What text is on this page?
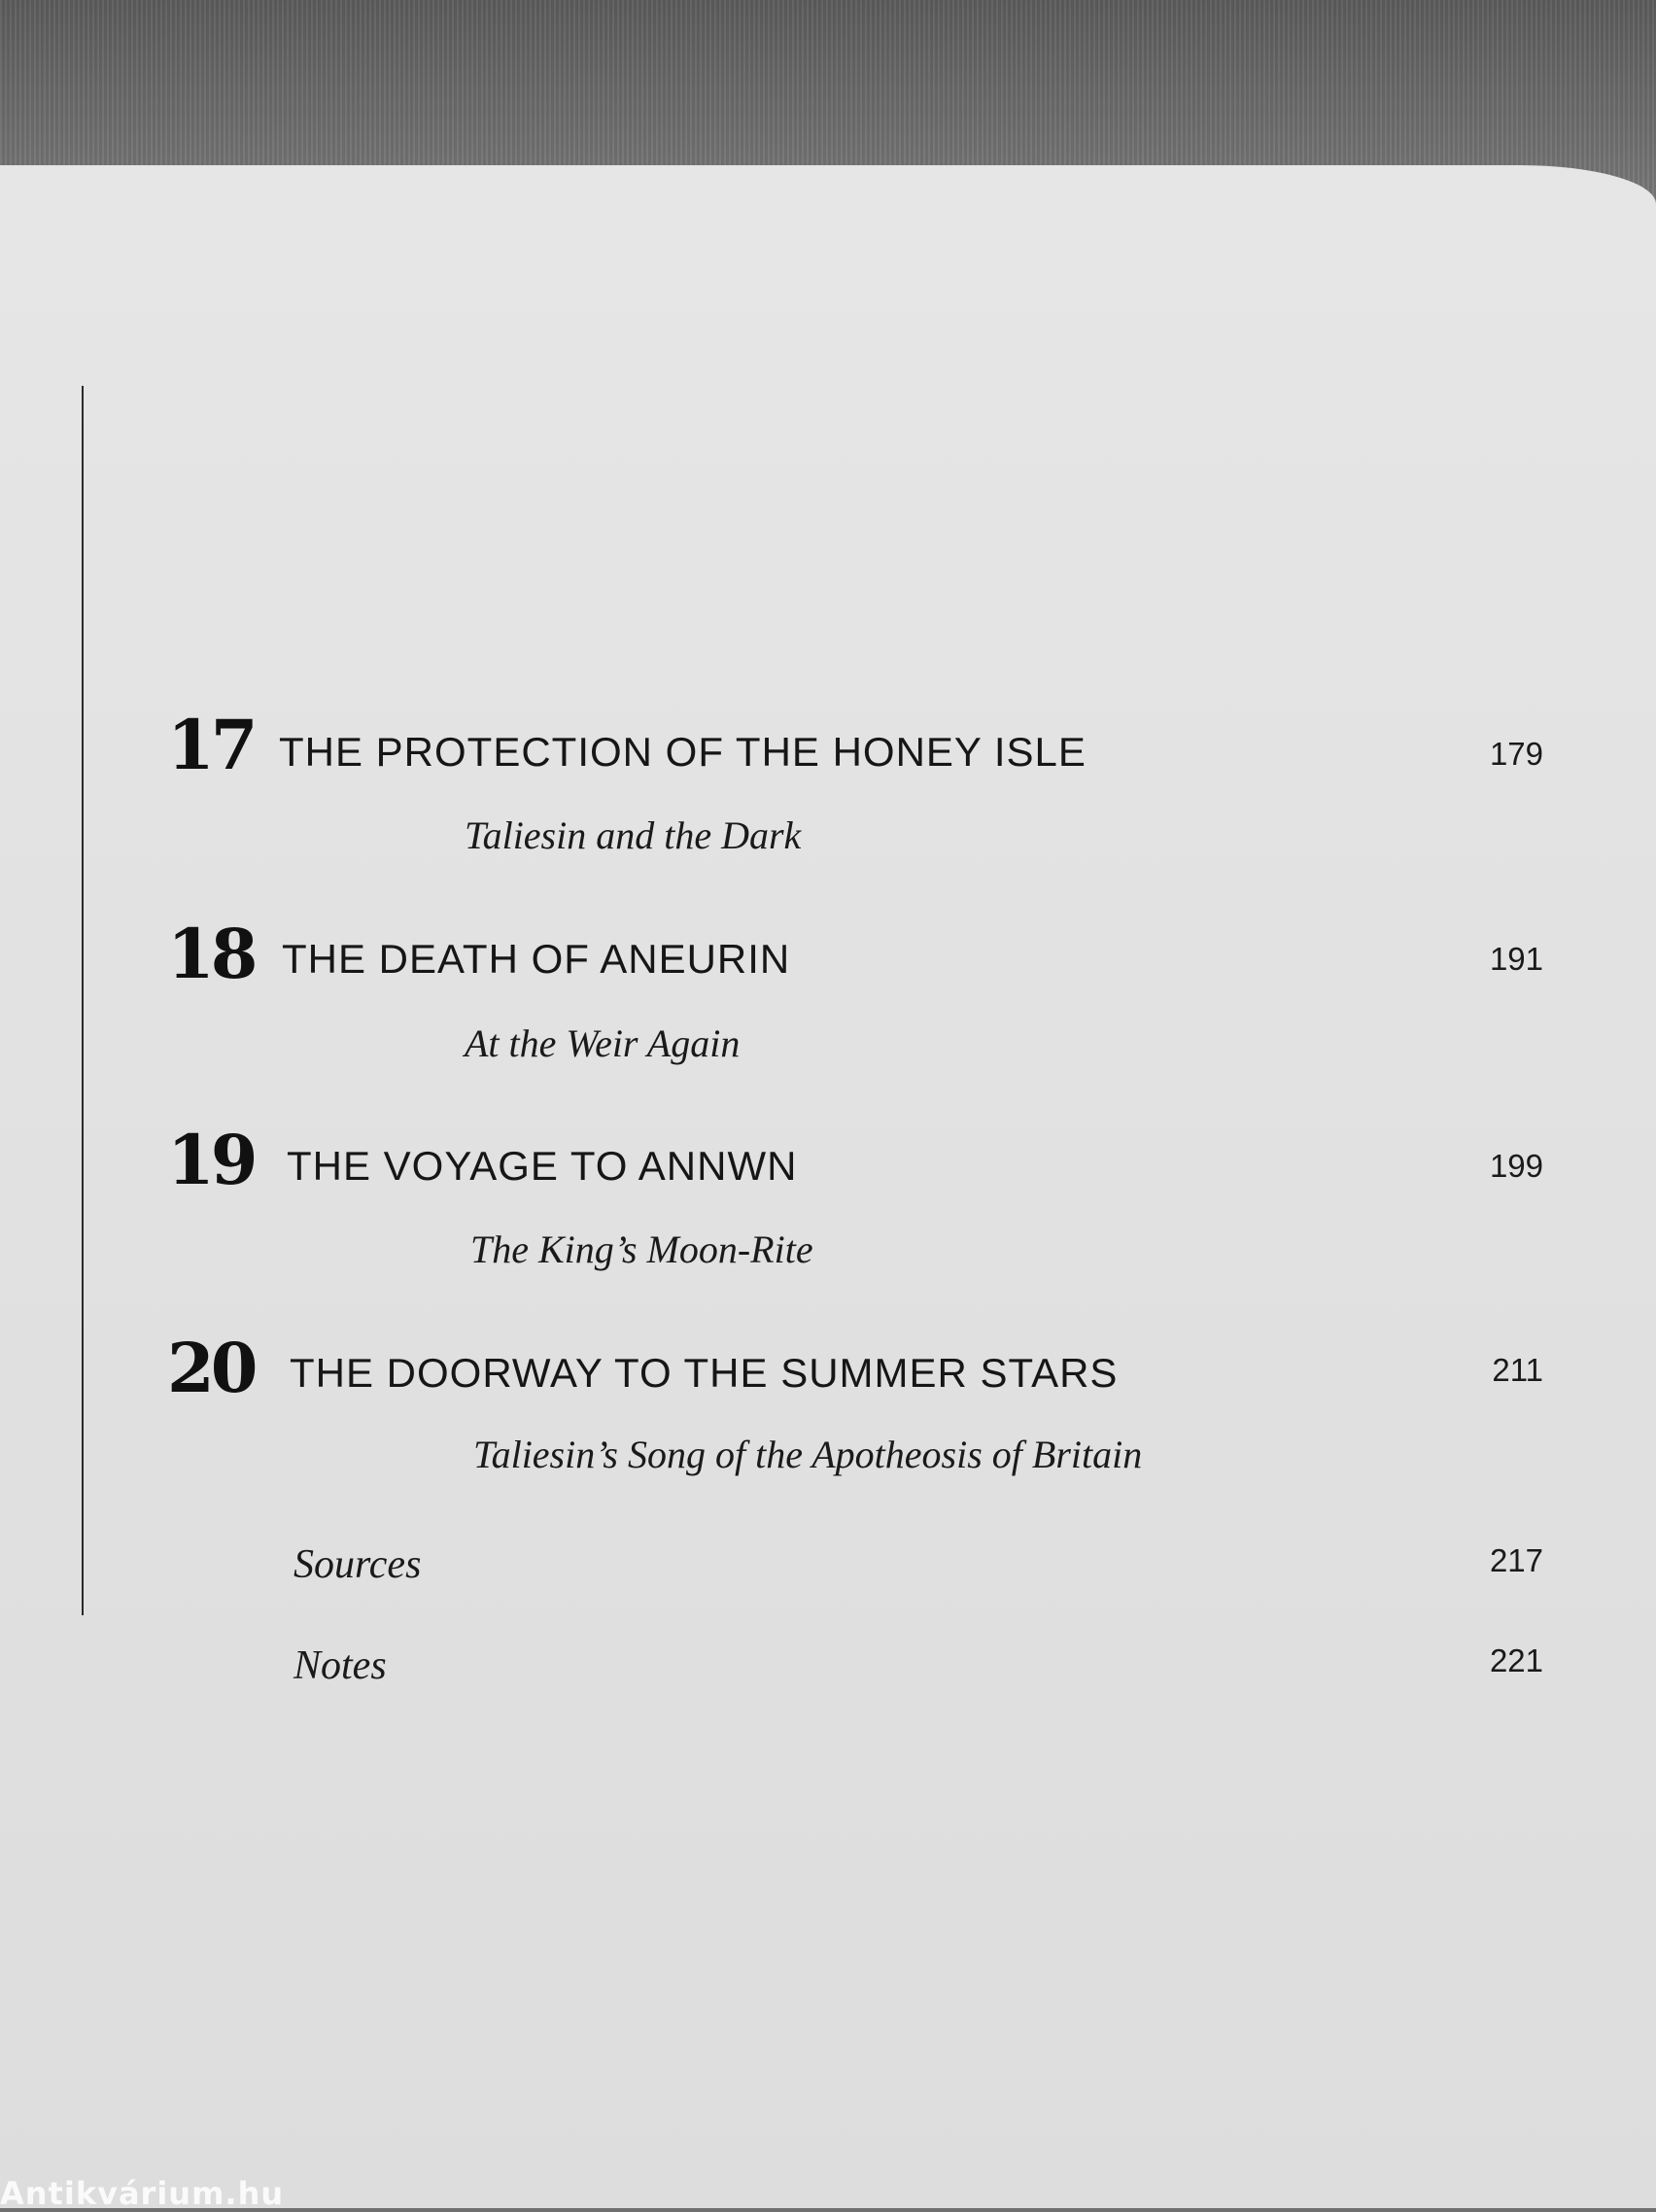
17 THE PROTECTION OF THE HONEY ISLE	179
Taliesin and the Dark
18 THE DEATH OF ANEURIN	191
At the Weir Again
19 THE VOYAGE TO ANNWN	199
The King’s Moon-Rite
20 THE DOORWAY TO THE SUMMER STARS	211
Taliesin’s Song of the Apotheosis of Britain
Sources	217
Notes	221
Antikvárium.hu
